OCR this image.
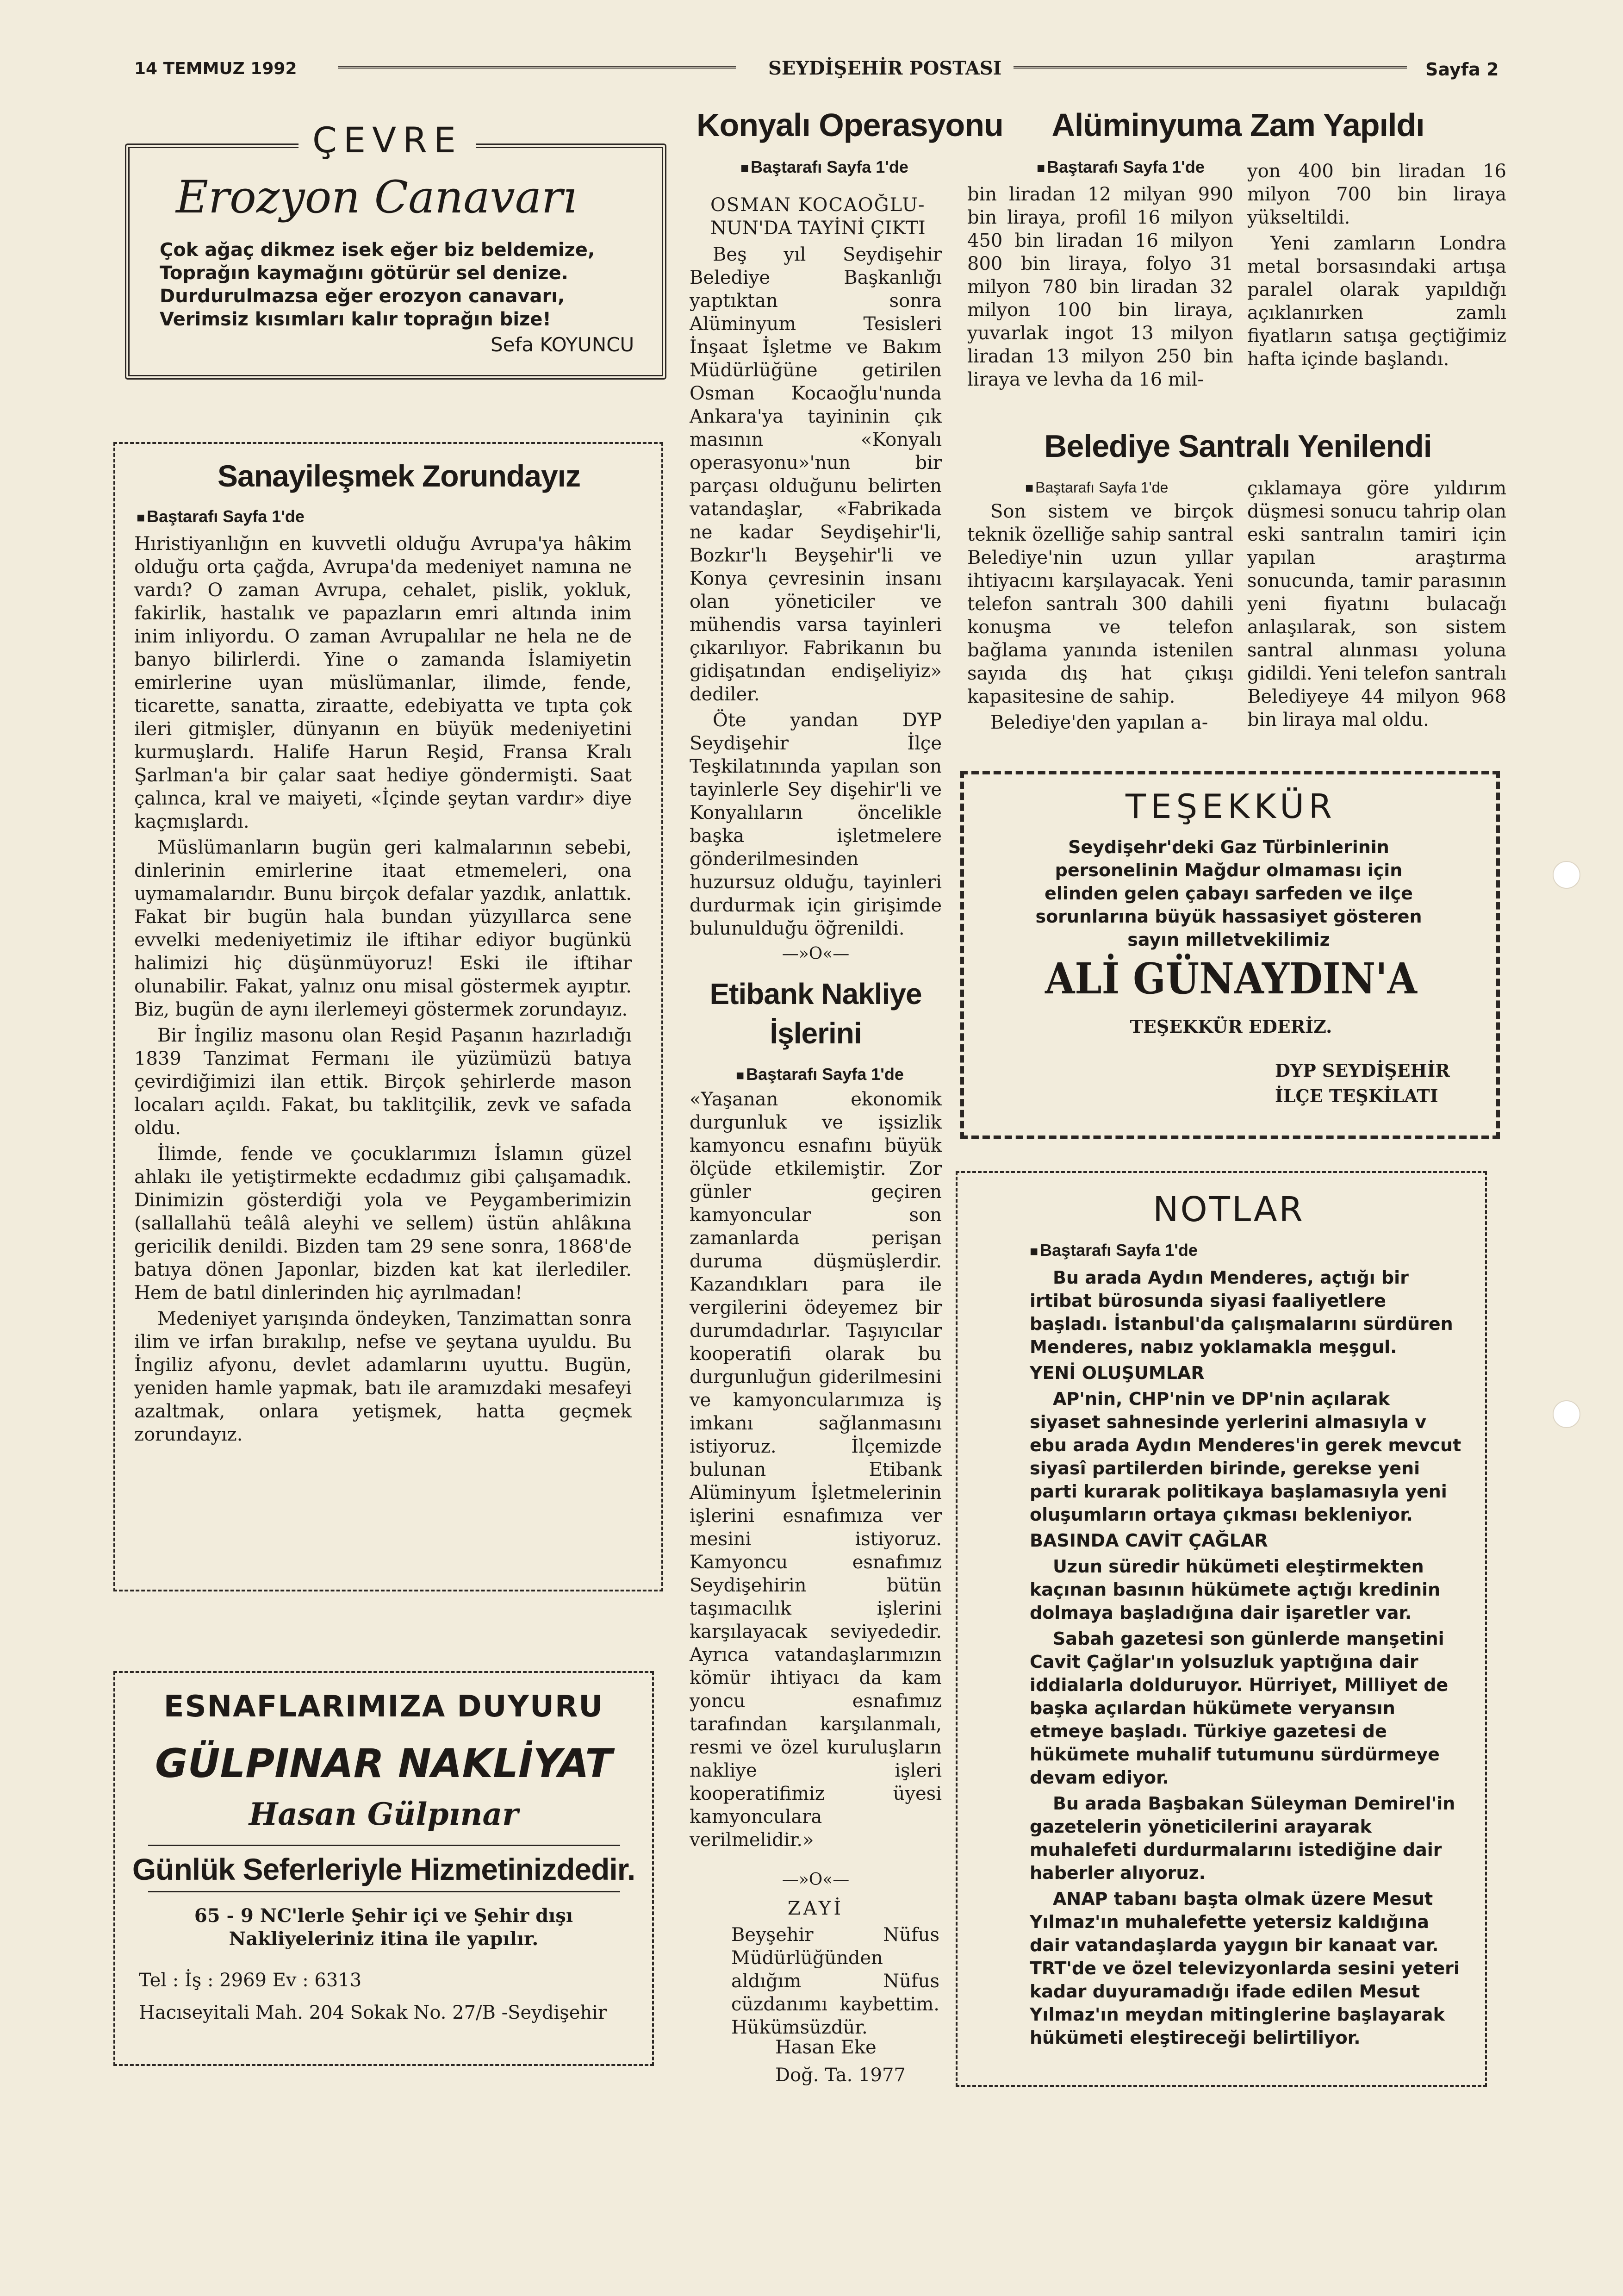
14 TEMMUZ 1992	SEYDİŞEHİR POSTASI	Sayfa 2
ÇEVRE
Erozyon Canavarı
Çok ağaç dikmez isek eğer biz beldemize,
Toprağın kaymağını götürür sel denize.
Durdurulmazsa eğer erozyon canavarı,
Verimsiz kısımları kalır toprağın bize!
Sefa KOYUNCU
Sanayileşmek Zorundayız
■ Baştarafı Sayfa 1'de

Hıristiyanlığın en kuvvetli olduğu Avrupa'ya hâkim olduğu orta çağda, Avrupa'da medeniyet namına ne vardı? O zaman Avrupa, cehalet, pislik, yokluk, fakirlik, hastalık ve papazların emri altında inim inim inliyordu. O zaman Avrupalılar ne hela ne de banyo bilirlerdi. Yine o zamanda İslamiyetin emirlerine uyan müslümanlar, ilimde, fende, ticarette, sanatta, ziraatte, edebiyatta ve tıpta çok ileri gitmişler, dünyanın en büyük medeniyetini kurmuşlardı. Halife Harun Reşid, Fransa Kralı Şarlman'a bir çalar saat hediye göndermişti. Saat çalınca, kral ve maiyeti, «İçinde şeytan vardır» diye kaçmışlardı.

Müslümanların bugün geri kalmalarının sebebi, dinlerinin emirlerine itaat etmemeleri, ona uymamalarıdır. Bunu birçok defalar yazdık, anlattık. Fakat bir bugün hala bundan yüzyıllarca sene evvelki medeniyetimiz ile iftihar ediyor bugünkü halimizi hiç düşünmüyoruz! Eski ile iftihar olunabilir. Fakat, yalnız onu misal göstermek ayıptır. Biz, bugün de aynı ilerlemeyi göstermek zorundayız.

Bir İngiliz masonu olan Reşid Paşanın hazırladığı 1839 Tanzimat Fermanı ile yüzümüzü batıya çevirdiğimizi ilan ettik. Birçok şehirlerde mason locaları açıldı. Fakat, bu taklitçilik, zevk ve safada oldu.

İlimde, fende ve çocuklarımızı İslamın güzel ahlakı ile yetiştirmekte ecdadımız gibi çalışamadık. Dinimizin gösterdiği yola ve Peygamberimizin (sallallahü teâlâ aleyhi ve sellem) üstün ahlâkına gericilik denildi. Bizden tam 29 sene sonra, 1868'de batıya dönen Japonlar, bizden kat kat ilerlediler. Hem de batıl dinlerinden hiç ayrılmadan!

Medeniyet yarışında öndeyken, Tanzimattan sonra ilim ve irfan bırakılıp, nefse ve şeytana uyuldu. Bu İngiliz afyonu, devlet adamlarını uyuttu. Bugün, yeniden hamle yapmak, batı ile aramızdaki mesafeyi azaltmak, onlara yetişmek, hatta geçmek zorundayız.

ESNAFLARIMIZA DUYURU
GÜLPINAR NAKLİYAT
Hasan Gülpınar
Günlük Seferleriyle Hizmetinizdedir.
65 - 9 NC'lerle Şehir içi ve Şehir dışı
Nakliyeleriniz itina ile yapılır.
Tel : İş : 2969 Ev : 6313
Hacıseyitali Mah. 204 Sokak No. 27/B -Seydişehir
Konyalı Operasyonu
■ Baştarafı Sayfa 1'de
OSMAN KOCAOĞLU-
NUN'DA TAYİNİ ÇIKTI

Beş yıl Seydişehir Belediye Başkanlığı yaptıktan sonra Alüminyum Tesisleri İnşaat İşletme ve Bakım Müdürlüğüne getirilen Osman Kocaoğlu'nunda Ankara'ya tayininin çık masının «Konyalı operasyonu»'nun bir parçası olduğunu belirten vatandaşlar, «Fabrikada ne kadar Seydişehir'li, Bozkır'lı Beyşehir'li ve Konya çevresinin insanı olan yöneticiler ve mühendis varsa tayinleri çıkarılıyor. Fabrikanın bu gidişatından endişeliyiz» dediler.

Öte yandan DYP Seydişehir İlçe Teşkilatınında yapılan son tayinlerle Sey dişehir'li ve Konyalıların öncelikle başka işletmelere gönderilmesinden huzursuz olduğu, tayinleri durdurmak için girişimde bulunulduğu öğrenildi.

—»O«—
Etibank Nakliye
İşlerini
■ Baştarafı Sayfa 1'de

«Yaşanan ekonomik durgunluk ve işsizlik kamyoncu esnafını büyük ölçüde etkilemiştir. Zor günler geçiren kamyoncular son zamanlarda perişan duruma düşmüşlerdir. Kazandıkları para ile vergilerini ödeyemez bir durumdadırlar. Taşıyıcılar kooperatifi olarak bu durgunluğun giderilmesini ve kamyoncularımıza iş imkanı sağlanmasını istiyoruz. İlçemizde bulunan Etibank Alüminyum İşletmelerinin işlerini esnafımıza ver mesini istiyoruz. Kamyoncu esnafımız Seydişehirin bütün taşımacılık işlerini karşılayacak seviyededir. Ayrıca vatandaşlarımızın kömür ihtiyacı da kam yoncu esnafımız tarafından karşılanmalı, resmi ve özel kuruluşların nakliye işleri kooperatifimiz üyesi kamyonculara verilmelidir.»

—»O«—
ZAYİ

Beyşehir Nüfus Müdürlüğünden aldığım Nüfus cüzdanımı kaybettim. Hükümsüzdür.

Hasan Eke
Doğ. Ta. 1977
Alüminyuma Zam Yapıldı
■ Baştarafı Sayfa 1'de

bin liradan 12 milyan 990 bin liraya, profil 16 milyon 450 bin liradan 16 milyon 800 bin liraya, folyo 31 milyon 780 bin liradan 32 milyon 100 bin liraya, yuvarlak ingot 13 milyon liradan 13 milyon 250 bin liraya ve levha da 16 mil-

yon 400 bin liradan 16 milyon 700 bin liraya yükseltildi.

Yeni zamların Londra metal borsasındaki artışa paralel olarak yapıldığı açıklanırken zamlı fiyatların satışa geçtiğimiz hafta içinde başlandı.

Belediye Santralı Yenilendi
■ Baştarafı Sayfa 1'de

Son sistem ve birçok teknik özelliğe sahip santral Belediye'nin uzun yıllar ihtiyacını karşılayacak. Yeni telefon santralı 300 dahili konuşma ve telefon bağlama yanında istenilen sayıda dış hat çıkışı kapasitesine de sahip.

Belediye'den yapılan a-

çıklamaya göre yıldırım düşmesi sonucu tahrip olan eski santralın tamiri için yapılan araştırma sonucunda, tamir parasının yeni fiyatını bulacağı anlaşılarak, son sistem santral alınması yoluna gidildi. Yeni telefon santralı Belediyeye 44 milyon 968 bin liraya mal oldu.

TEŞEKKÜR
Seydişehr'deki Gaz Türbinlerinin personelinin Mağdur olmaması için elinden gelen çabayı sarfeden ve ilçe sorunlarına büyük hassasiyet gösteren sayın milletvekilimiz
ALİ GÜNAYDIN'A
TEŞEKKÜR EDERİZ.
DYP SEYDİŞEHİR
İLÇE TEŞKİLATI
NOTLAR
■ Baştarafı Sayfa 1'de

Bu arada Aydın Menderes, açtığı bir irtibat bürosunda siyasi faaliyetlere başladı. İstanbul'da çalışmalarını sürdüren Menderes, nabız yoklamakla meşgul.

YENİ OLUŞUMLAR

AP'nin, CHP'nin ve DP'nin açılarak siyaset sahnesinde yerlerini almasıyla v ebu arada Aydın Menderes'in gerek mevcut siyasî partilerden birinde, gerekse yeni parti kurarak politikaya başlamasıyla yeni oluşumların ortaya çıkması bekleniyor.

BASINDA CAVİT ÇAĞLAR

Uzun süredir hükümeti eleştirmekten kaçınan basının hükümete açtığı kredinin dolmaya başladığına dair işaretler var.

Sabah gazetesi son günlerde manşetini Cavit Çağlar'ın yolsuzluk yaptığına dair iddialarla dolduruyor. Hürriyet, Milliyet de başka açılardan hükümete veryansın etmeye başladı. Türkiye gazetesi de hükümete muhalif tutumunu sürdürmeye devam ediyor.

Bu arada Başbakan Süleyman Demirel'in gazetelerin yöneticilerini arayarak muhalefeti durdurmalarını istediğine dair haberler alıyoruz.

ANAP tabanı başta olmak üzere Mesut Yılmaz'ın muhalefette yetersiz kaldığına dair vatandaşlarda yaygın bir kanaat var. TRT'de ve özel televizyonlarda sesini yeteri kadar duyuramadığı ifade edilen Mesut Yılmaz'ın meydan mitinglerine başlayarak hükümeti eleştireceği belirtiliyor.
